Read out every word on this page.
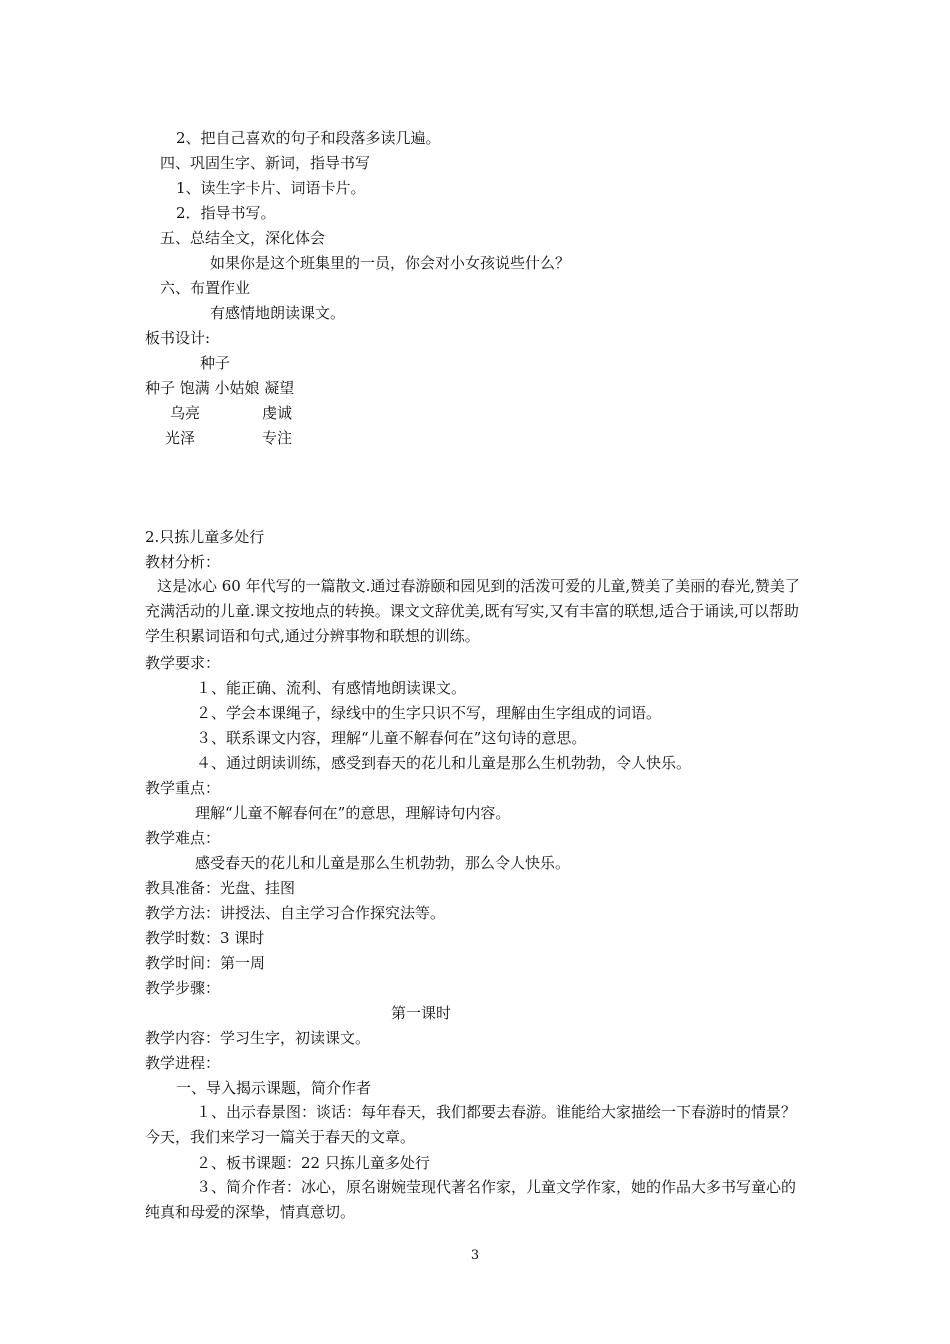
2、把自己喜欢的句子和段落多读几遍。
四、巩固生字、新词，指导书写
1、读生字卡片、词语卡片。
2．指导书写。
五、总结全文，深化体会
如果你是这个班集里的一员，你会对小女孩说些什么？
六、布置作业
有感情地朗读课文。
板书设计:
种子
种子 饱满 小姑娘 凝望
乌亮	虔诚
光泽	专注
2.只拣儿童多处行
教材分析：
这是冰心 60 年代写的一篇散文.通过春游颐和园见到的活泼可爱的儿童,赞美了美丽的春光,赞美了充满活动的儿童.课文按地点的转换。课文文辞优美,既有写实,又有丰富的联想,适合于诵读,可以帮助学生积累词语和句式,通过分辨事物和联想的训练。
教学要求：
１、能正确、流利、有感情地朗读课文。
２、学会本课绳子，绿线中的生字只识不写，理解由生字组成的词语。
３、联系课文内容，理解“儿童不解春何在”这句诗的意思。
４、通过朗读训练，感受到春天的花儿和儿童是那么生机勃勃，令人快乐。
教学重点：
理解“儿童不解春何在”的意思，理解诗句内容。
教学难点：
感受春天的花儿和儿童是那么生机勃勃，那么令人快乐。
教具准备：光盘、挂图
教学方法：讲授法、自主学习合作探究法等。
教学时数：3 课时
教学时间：第一周
教学步骤：
第一课时
教学内容：学习生字，初读课文。
教学进程：
一、导入揭示课题，简介作者
１、出示春景图：谈话：每年春天，我们都要去春游。谁能给大家描绘一下春游时的情景？今天，我们来学习一篇关于春天的文章。
２、板书课题：22 只拣儿童多处行
３、简介作者：冰心，原名谢婉莹现代著名作家，儿童文学作家，她的作品大多书写童心的纯真和母爱的深挚，情真意切。
3
